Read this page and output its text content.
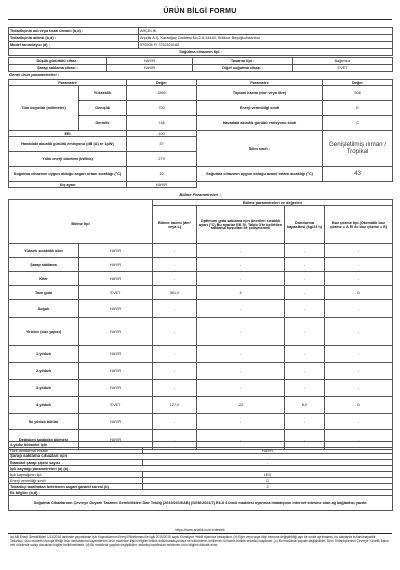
ÜRÜN BİLGİ FORMU
Tedarikçinin adı veya ticari ünvanı (b,d) :	ARÇELİK
Tedarikçinin adresi (b,d) :	Arçelik A.Ş. Karaağaç Caddesi No:2-6,34445, Sütlüce Beyoğlu/İstanbul
Model tanımlayıcı (d) :	570508 FI 7232520180
Soğutma cihazının tipi :	
Düşük gürültülü cihaz :	HAYIR	Tasarım tipi :	Bağımsız
Şarap saklama cihazı :	HAYIR	Diğer soğutma cihazı :	EVET
Genel ürün parametreleri :
Parametre		Değer	Parametre	Değer
Tüm boyutlar (milimetre)	Yükseklik	1865	Toplam hacim (dm³ veya litre)	508
	Genişlik	700	Enerji verimliliği sınıfı	E
	Derinlik	746	Havadaki akustik gürültü emisyonu sınıfı	C
EEI		100	İklim sınıfı :	Genişletilmiş ılıman / Tropikal
Havadaki akustik gürültü emisyonu (dB (A) re 1pW)		37		
Yıllık enerji tüketimi (kWh/a)		279		
Soğutma cihazının uygun olduğu asgari ortam sıcaklığı (°C)		10	Soğutma cihazının uygun olduğu azami ortam sıcaklığı (°C)	43
Kış ayarı		HAYIR		
Bölme Parametreleri :
		Bölme parametreleri ve değerleri			
Bölme tipi		Bölme hacmi (dm³ veya L)	Optimum gıda saklama için önerilen sıcaklık ayarı (°C) Bu ayarlar EK IV, Tablo 3'te belirtilen saklama koşulları ile çelişmemeli	Dondurma kapasitesi (kg/24 h)	Buz çözme tipi (Otomatik buz çözme = A El ile buz çözme = E)
Yüksek sıcaklıklı kiler	HAYIR	-	-	-	-
Şarap saklama	HAYIR	-	-	-	-
Kiler	HAYIR	-	-	-	-
Taze gıda	EVET	381,0	4	-	O
Soğuk	HAYIR	-	-	-	-
Yiricice (buz yapıcı)	HAYIR	-	-	-	-
1-yıldızlı	HAYIR	-	-	-	-
2-yıldızlı	HAYIR	-	-	-	-
3-yıldızlı	HAYIR	-	-	-	-
4-yıldızlı	EVET	127,0	-22	8,0	O
İki yıldızlı bölüm	HAYIR	-	-	-	-
Değişken sıcaklıklı bölmesi	HAYIR	-	-	-	-
4-yıldız bölmeler için	
Hızlı dondurma imkânı	HAYIR
Şarap saklama cihazları için	
Standart şarap şişesi sayısı	-
Işık kaynağı parametreleri (a) (b) :	
Işık kaynağının tipi	LED
Enerji verimliliği sınıfı	G
Tedarikçi tarafından belirlenen asgari garanti süresi (b)	2
Ek bilgiler (b,d) :	
Soğutma Cihazlarının Çevreye Duyarlı Tasarım Gereklilikleri Dair Tebliğ (2019/2019/AB) (SGM:2021/7) Ek-II 4 üncü maddesi uyarınca imalatçının internet sitesine olan ağ bağlantısı yazılır.	
https://www.arcelik.com.tr/destek
(a) AB Enerji Gereklilikleri 1/11/2018 tarihinde yayımlanan Işık Kaynaklarının Enerji Etiketlemesi ile ilgili 2019/2015 sayılı Komisyon Yetkili uyarınca hesaplanır. (b) Eğer veya veya bilgi formuna değiştirildiği ayrı bir sınıfa ayrılmamış, bu alanlarda kullanılmayabilir. Tedarikçi, ürün modelini Avrupa Birliği ürün veritabanına kaydederken ürün modeline ilişkin bilgileri teknik dokümantasyonlara ve bildirimlere, belirlenen ürünlerle birlikte tedarikçi kaydeder. (c) Bu maddede yapılan değişiklikler, Ürün Tedarikçilerinin Çevreye Yönelik İlişkin veri ürünlerde sahip olacakları bilgiler belirtilmektedir. (d) Bu maddede yapılan değişiklikler, tedarikçi tarafından belirlenen ürün bilgileri dikkate alınır.
